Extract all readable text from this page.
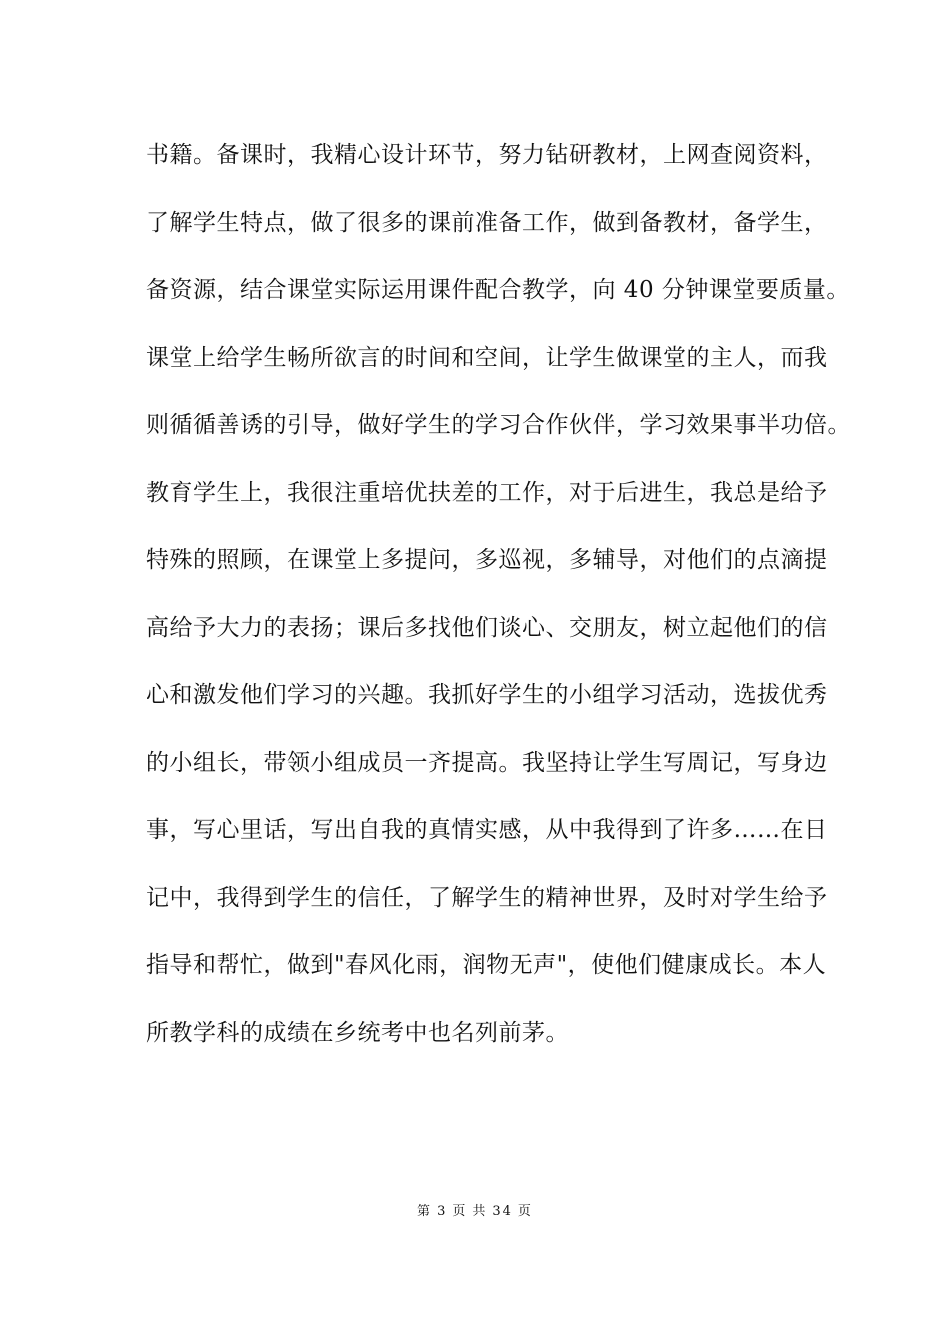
书籍。备课时，我精心设计环节，努力钻研教材，上网查阅资料，
了解学生特点，做了很多的课前准备工作，做到备教材，备学生，
备资源，结合课堂实际运用课件配合教学，向 40 分钟课堂要质量。
课堂上给学生畅所欲言的时间和空间，让学生做课堂的主人，而我
则循循善诱的引导，做好学生的学习合作伙伴，学习效果事半功倍。
教育学生上，我很注重培优扶差的工作，对于后进生，我总是给予
特殊的照顾，在课堂上多提问，多巡视，多辅导，对他们的点滴提
高给予大力的表扬；课后多找他们谈心、交朋友，树立起他们的信
心和激发他们学习的兴趣。我抓好学生的小组学习活动，选拔优秀
的小组长，带领小组成员一齐提高。我坚持让学生写周记，写身边
事，写心里话，写出自我的真情实感，从中我得到了许多……在日
记中，我得到学生的信任，了解学生的精神世界，及时对学生给予
指导和帮忙，做到"春风化雨，润物无声"，使他们健康成长。本人
所教学科的成绩在乡统考中也名列前茅。
第 3 页 共 34 页
